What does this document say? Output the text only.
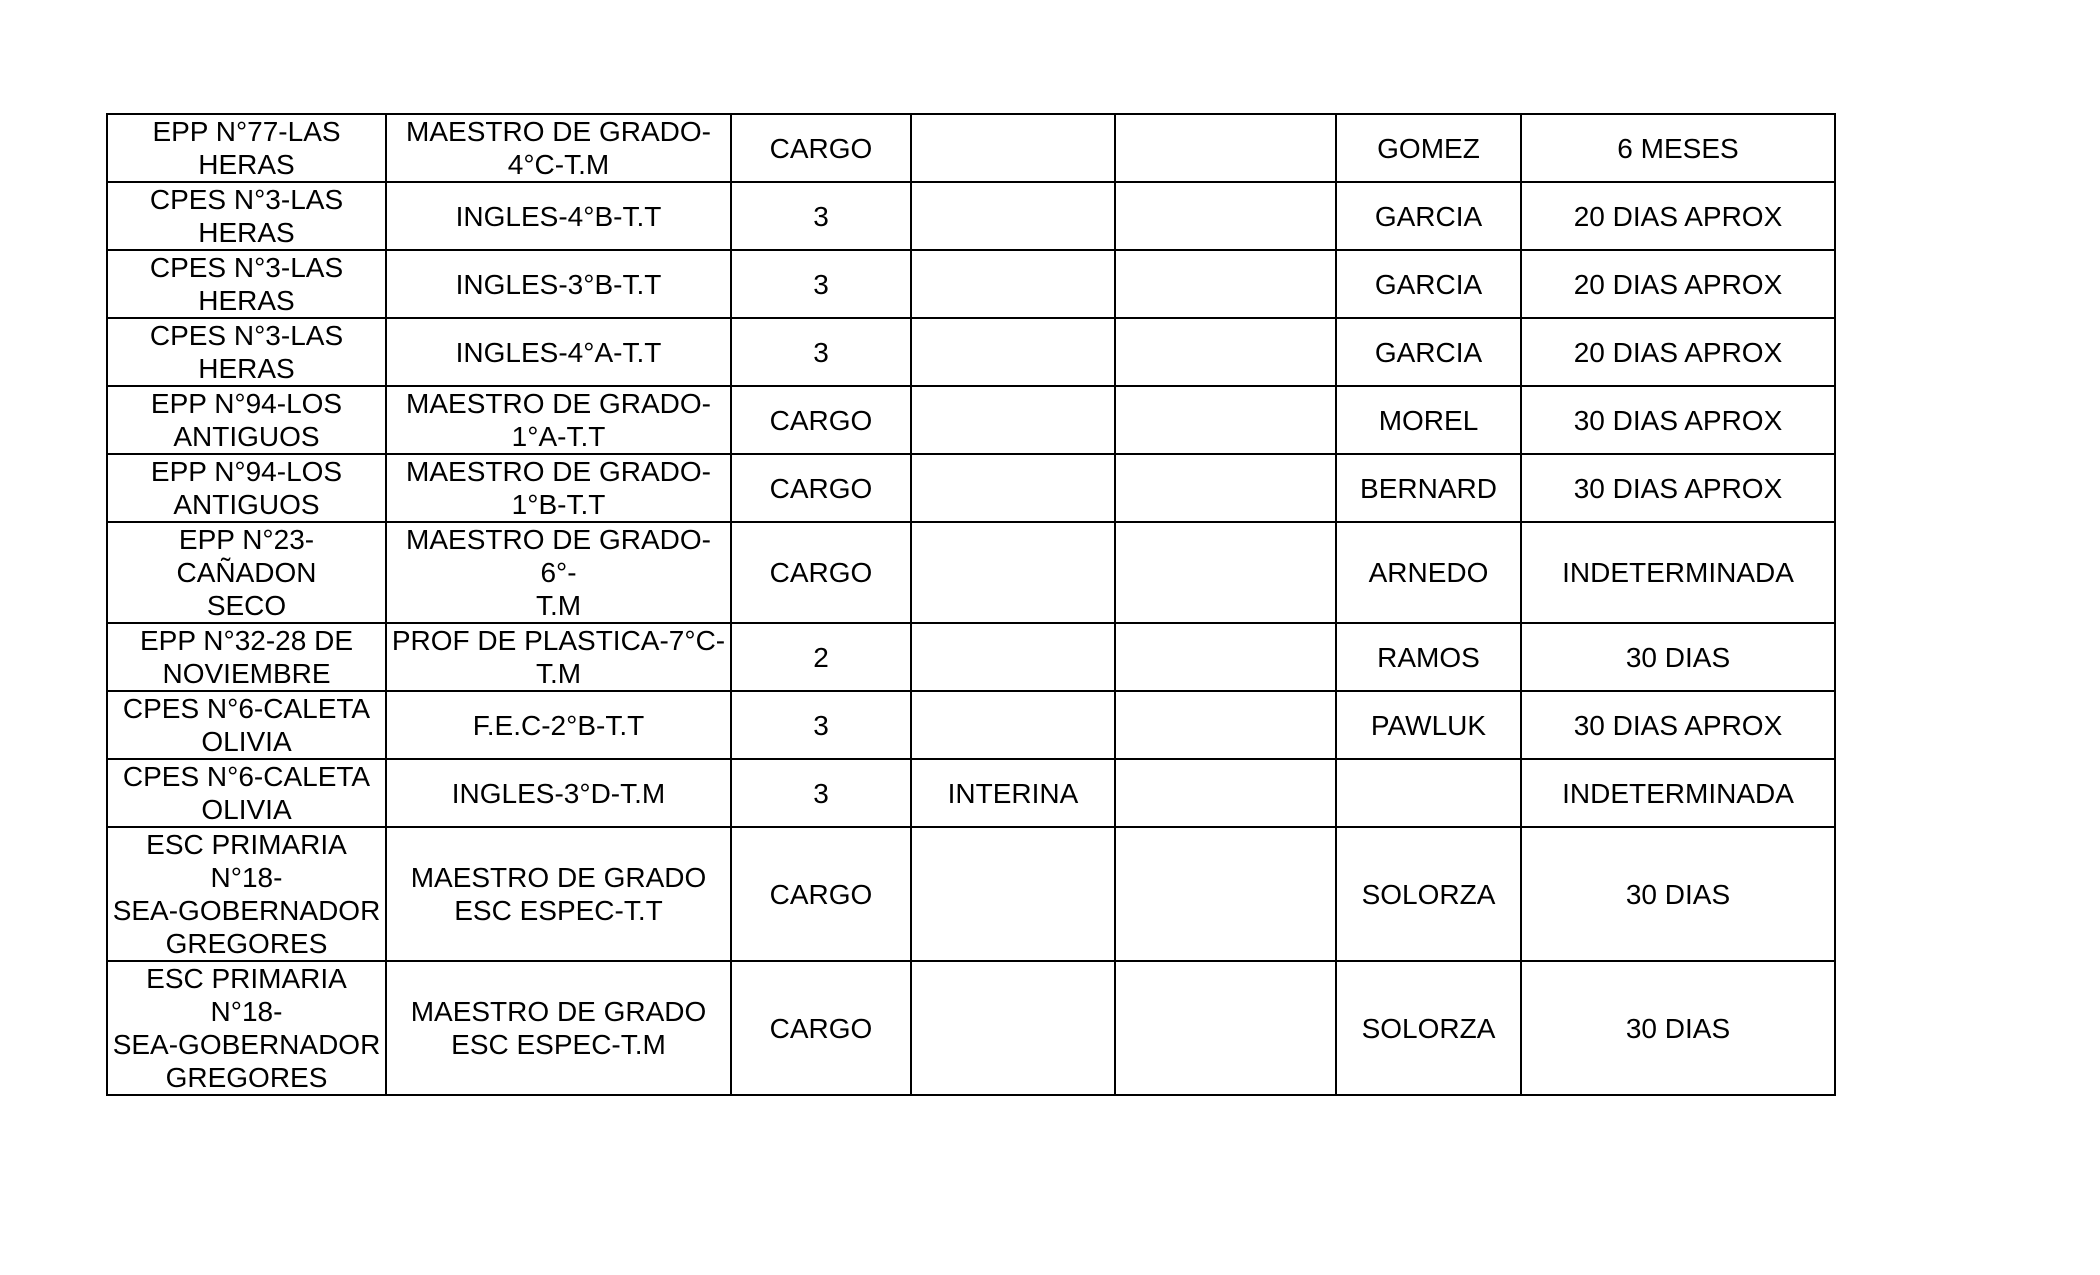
EPP N°77-LAS
HERAS	MAESTRO DE GRADO-
4°C-T.M	CARGO			GOMEZ	6 MESES
CPES N°3-LAS
HERAS	INGLES-4°B-T.T	3			GARCIA	20 DIAS APROX
CPES N°3-LAS
HERAS	INGLES-3°B-T.T	3			GARCIA	20 DIAS APROX
CPES N°3-LAS
HERAS	INGLES-4°A-T.T	3			GARCIA	20 DIAS APROX
EPP N°94-LOS
ANTIGUOS	MAESTRO DE GRADO-
1°A-T.T	CARGO			MOREL	30 DIAS APROX
EPP N°94-LOS
ANTIGUOS	MAESTRO DE GRADO-
1°B-T.T	CARGO			BERNARD	30 DIAS APROX
EPP N°23-CAÑADON
SECO	MAESTRO DE GRADO-6°-
T.M	CARGO			ARNEDO	INDETERMINADA
EPP N°32-28 DE
NOVIEMBRE	PROF DE PLASTICA-7°C-
T.M	2			RAMOS	30 DIAS
CPES N°6-CALETA
OLIVIA	F.E.C-2°B-T.T	3			PAWLUK	30 DIAS APROX
CPES N°6-CALETA
OLIVIA	INGLES-3°D-T.M	3	INTERINA			INDETERMINADA
ESC PRIMARIA N°18-
SEA-GOBERNADOR
GREGORES	MAESTRO DE GRADO
ESC ESPEC-T.T	CARGO			SOLORZA	30 DIAS
ESC PRIMARIA N°18-
SEA-GOBERNADOR
GREGORES	MAESTRO DE GRADO
ESC ESPEC-T.M	CARGO			SOLORZA	30 DIAS
